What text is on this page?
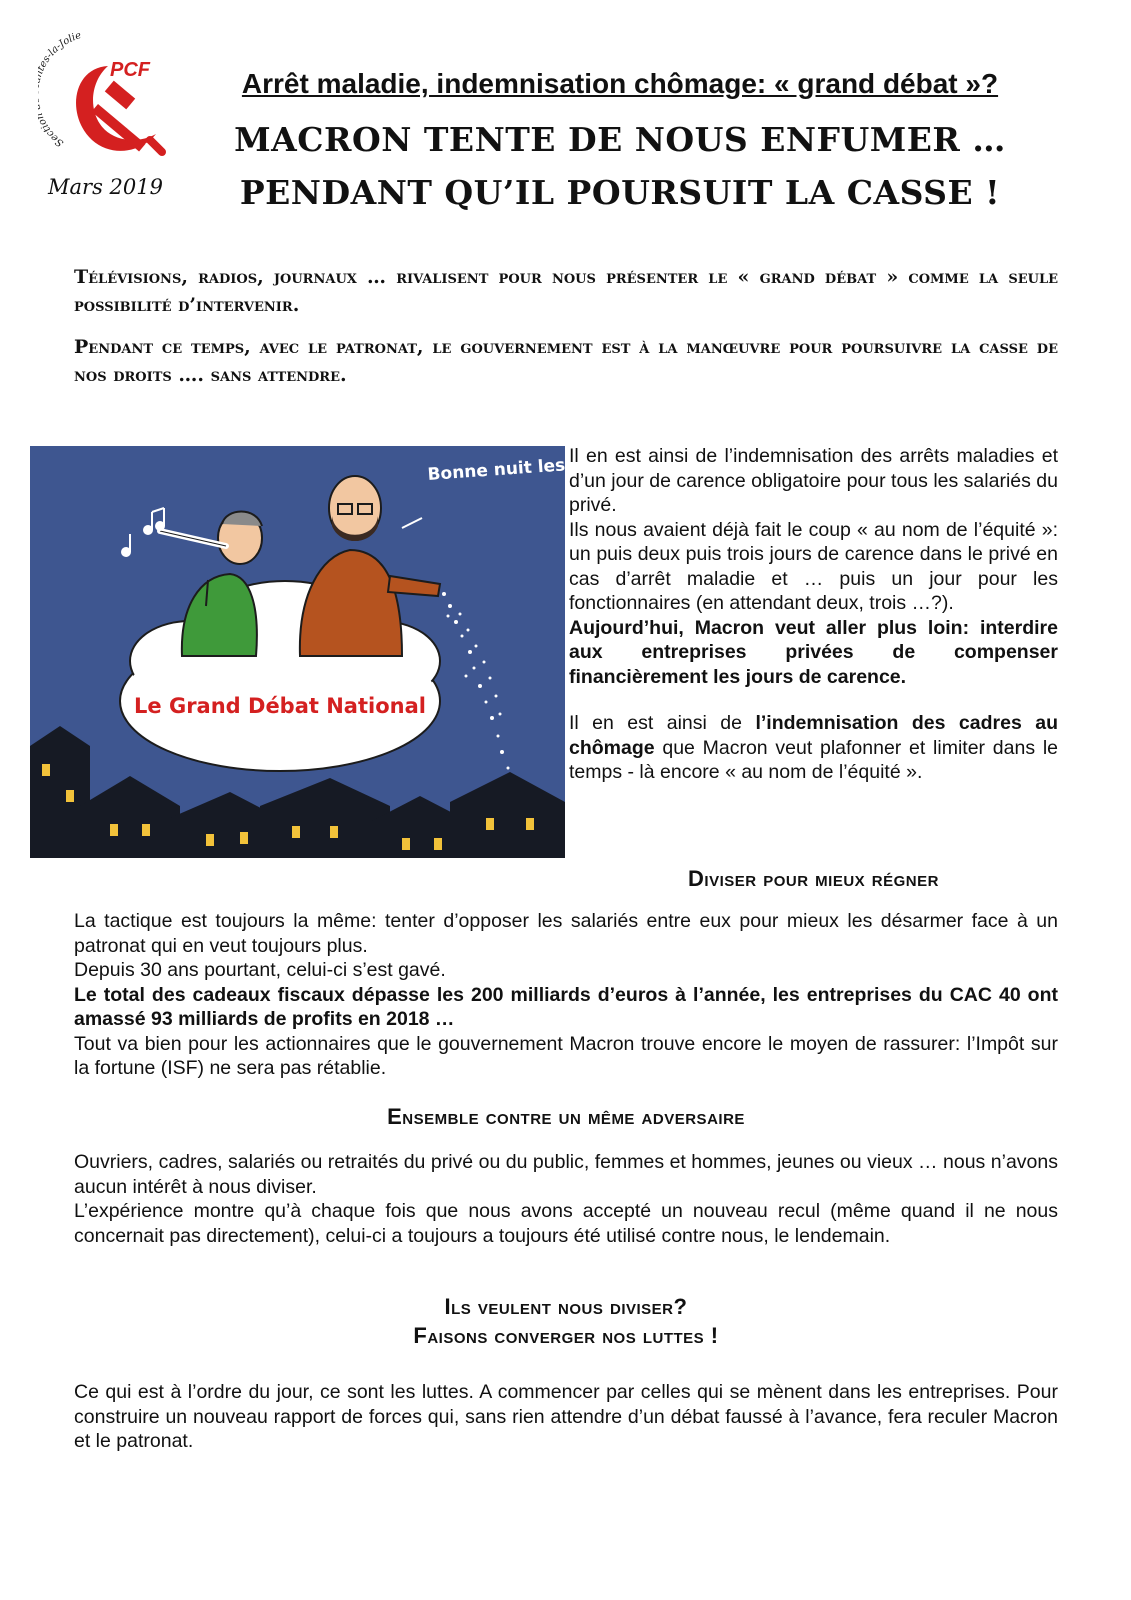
Secti es-la-Jolie
PCF
Mars 2019
Arrêt maladie, indemnisation chômage: « grand débat »?
MACRON TENTE DE NOUS ENFUMER …
PENDANT QU’IL POURSUIT LA CASSE !
Télévisions, radios, journaux … rivalisent pour nous présenter le « grand débat » comme la seule possibilité d’intervenir.
Pendant ce temps, avec le patronat, le gouvernement est à la manœuvre pour poursuivre la casse de nos droits …. sans attendre.
Bonne nuit les petits !
Le Grand Débat National

Il en est ainsi de l’indemnisation des arrêts maladies et d’un jour de carence obligatoire pour tous les salariés du privé.

Ils nous avaient déjà fait le coup « au nom de l’équité »: un puis deux puis trois jours de carence dans le privé en cas d’arrêt maladie et … puis un jour pour les fonctionnaires (en attendant deux, trois …?).

Aujourd’hui, Macron veut aller plus loin: interdire aux entreprises privées de compenser financièrement les jours de carence.

Il en est ainsi de l’indemnisation des cadres au chômage que Macron veut plafonner et limiter dans le temps - là encore « au nom de l’équité ».

Diviser pour mieux régner

La tactique est toujours la même: tenter d’opposer les salariés entre eux pour mieux les désarmer face à un patronat qui en veut toujours plus.

Depuis 30 ans pourtant, celui-ci s’est gavé.

Le total des cadeaux fiscaux dépasse les 200 milliards d’euros à l’année, les entreprises du CAC 40 ont amassé 93 milliards de profits en 2018 …

Tout va bien pour les actionnaires que le gouvernement Macron trouve encore le moyen de rassurer: l’Impôt sur la fortune (ISF) ne sera pas rétablie.

Ensemble contre un même adversaire

Ouvriers, cadres, salariés ou retraités du privé ou du public, femmes et hommes, jeunes ou vieux … nous n’avons aucun intérêt à nous diviser.

L’expérience montre qu’à chaque fois que nous avons accepté un nouveau recul (même quand il ne nous concernait pas directement), celui-ci a toujours a toujours été utilisé contre nous, le lendemain.

Ils veulent nous diviser?
Faisons converger nos luttes !

Ce qui est à l’ordre du jour, ce sont les luttes. A commencer par celles qui se mènent dans les entreprises. Pour construire un nouveau rapport de forces qui, sans rien attendre d’un débat faussé à l’avance, fera reculer Macron et le patronat.
